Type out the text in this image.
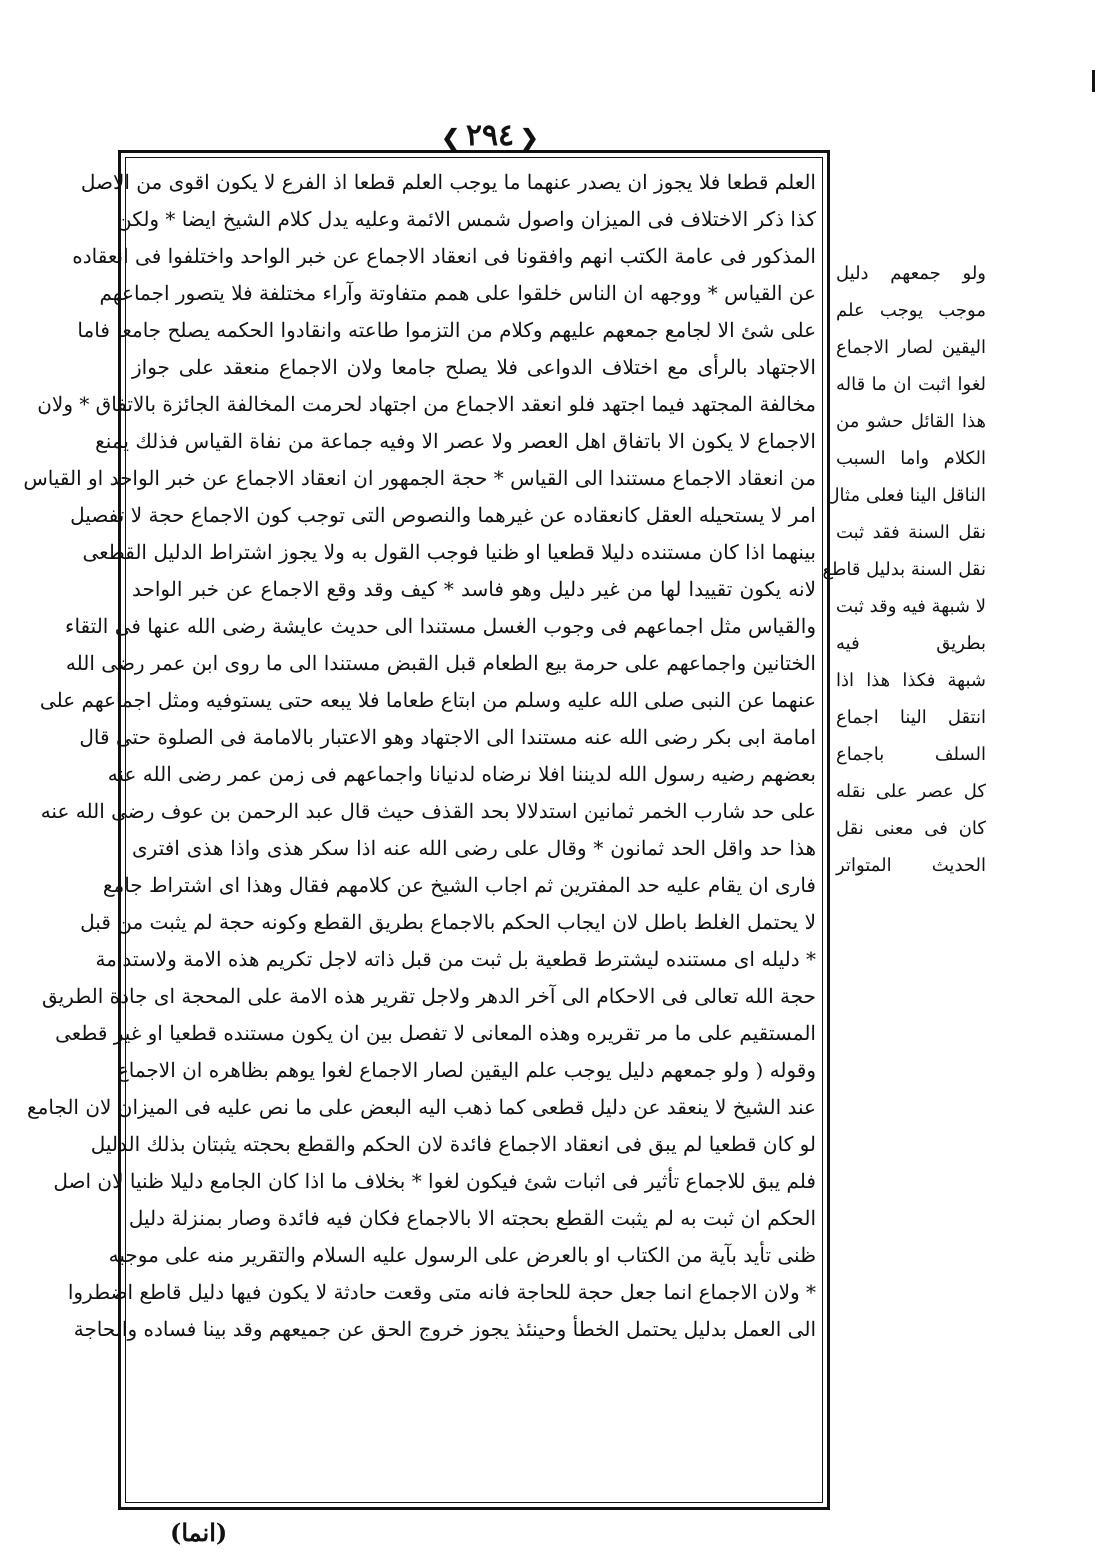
❮٢٩٤❯
العلم قطعا فلا يجوز ان يصدر عنهما ما يوجب العلم قطعا اذ الفرع لا يكون اقوى من الاصل
كذا ذكر الاختلاف فى الميزان واصول شمس الائمة وعليه يدل كلام الشيخ ايضا * ولكن
المذكور فى عامة الكتب انهم وافقونا فى انعقاد الاجماع عن خبر الواحد واختلفوا فى انعقاده
عن القياس * ووجهه ان الناس خلقوا على همم متفاوتة وآراء مختلفة فلا يتصور اجماعهم
على شئ الا لجامع جمعهم عليهم وكلام من التزموا طاعته وانقادوا الحكمه يصلح جامعا فاما
الاجتهاد بالرأى مع اختلاف الدواعى فلا يصلح جامعا ولان الاجماع منعقد على جواز
مخالفة المجتهد فيما اجتهد فلو انعقد الاجماع من اجتهاد لحرمت المخالفة الجائزة بالاتفاق * ولان
الاجماع لا يكون الا باتفاق اهل العصر ولا عصر الا وفيه جماعة من نفاة القياس فذلك يمنع
من انعقاد الاجماع مستندا الى القياس * حجة الجمهور ان انعقاد الاجماع عن خبر الواحد او القياس
امر لا يستحيله العقل كانعقاده عن غيرهما والنصوص التى توجب كون الاجماع حجة لا تفصيل
بينهما اذا كان مستنده دليلا قطعيا او ظنيا فوجب القول به ولا يجوز اشتراط الدليل القطعى
لانه يكون تقييدا لها من غير دليل وهو فاسد * كيف وقد وقع الاجماع عن خبر الواحد
والقياس مثل اجماعهم فى وجوب الغسل مستندا الى حديث عايشة رضى الله عنها فى التقاء
الختانين واجماعهم على حرمة بيع الطعام قبل القبض مستندا الى ما روى ابن عمر رضى الله
عنهما عن النبى صلى الله عليه وسلم من ابتاع طعاما فلا يبعه حتى يستوفيه ومثل اجماعهم على
امامة ابى بكر رضى الله عنه مستندا الى الاجتهاد وهو الاعتبار بالامامة فى الصلوة حتى قال
بعضهم رضيه رسول الله لديننا افلا نرضاه لدنيانا واجماعهم فى زمن عمر رضى الله عنه
على حد شارب الخمر ثمانين استدلالا بحد القذف حيث قال عبد الرحمن بن عوف رضى الله عنه
هذا حد واقل الحد ثمانون * وقال على رضى الله عنه اذا سكر هذى واذا هذى افترى
فارى ان يقام عليه حد المفترين ثم اجاب الشيخ عن كلامهم فقال وهذا اى اشتراط جامع
لا يحتمل الغلط باطل لان ايجاب الحكم بالاجماع بطريق القطع وكونه حجة لم يثبت من قبل
* دليله اى مستنده ليشترط قطعية بل ثبت من قبل ذاته لاجل تكريم هذه الامة ولاستدامة
حجة الله تعالى فى الاحكام الى آخر الدهر ولاجل تقرير هذه الامة على المحجة اى جادة الطريق
المستقيم على ما مر تقريره وهذه المعانى لا تفصل بين ان يكون مستنده قطعيا او غير قطعى
وقوله ( ولو جمعهم دليل يوجب علم اليقين لصار الاجماع لغوا يوهم بظاهره ان الاجماع
عند الشيخ لا ينعقد عن دليل قطعى كما ذهب اليه البعض على ما نص عليه فى الميزان لان الجامع
لو كان قطعيا لم يبق فى انعقاد الاجماع فائدة لان الحكم والقطع بحجته يثبتان بذلك الدليل
فلم يبق للاجماع تأثير فى اثبات شئ فيكون لغوا * بخلاف ما اذا كان الجامع دليلا ظنيا لان اصل
الحكم ان ثبت به لم يثبت القطع بحجته الا بالاجماع فكان فيه فائدة وصار بمنزلة دليل
ظنى تأيد بآية من الكتاب او بالعرض على الرسول عليه السلام والتقرير منه على موجبه
* ولان الاجماع انما جعل حجة للحاجة فانه متى وقعت حادثة لا يكون فيها دليل قاطع اضطروا
الى العمل بدليل يحتمل الخطأ وحينئذ يجوز خروج الحق عن جميعهم وقد بينا فساده والحاجة
ولو جمعهم دليل
موجب يوجب علم
اليقين لصار الاجماع
لغوا اثبت ان ما قاله
هذا القائل حشو من
الكلام واما السبب
الناقل الينا فعلى مثال
نقل السنة فقد ثبت
نقل السنة بدليل قاطع
لا شبهة فيه وقد ثبت
بطريق فيه
شبهة فكذا هذا اذا
انتقل الينا اجماع
السلف باجماع
كل عصر على نقله
كان فى معنى نقل
الحديث المتواتر
(انما)
